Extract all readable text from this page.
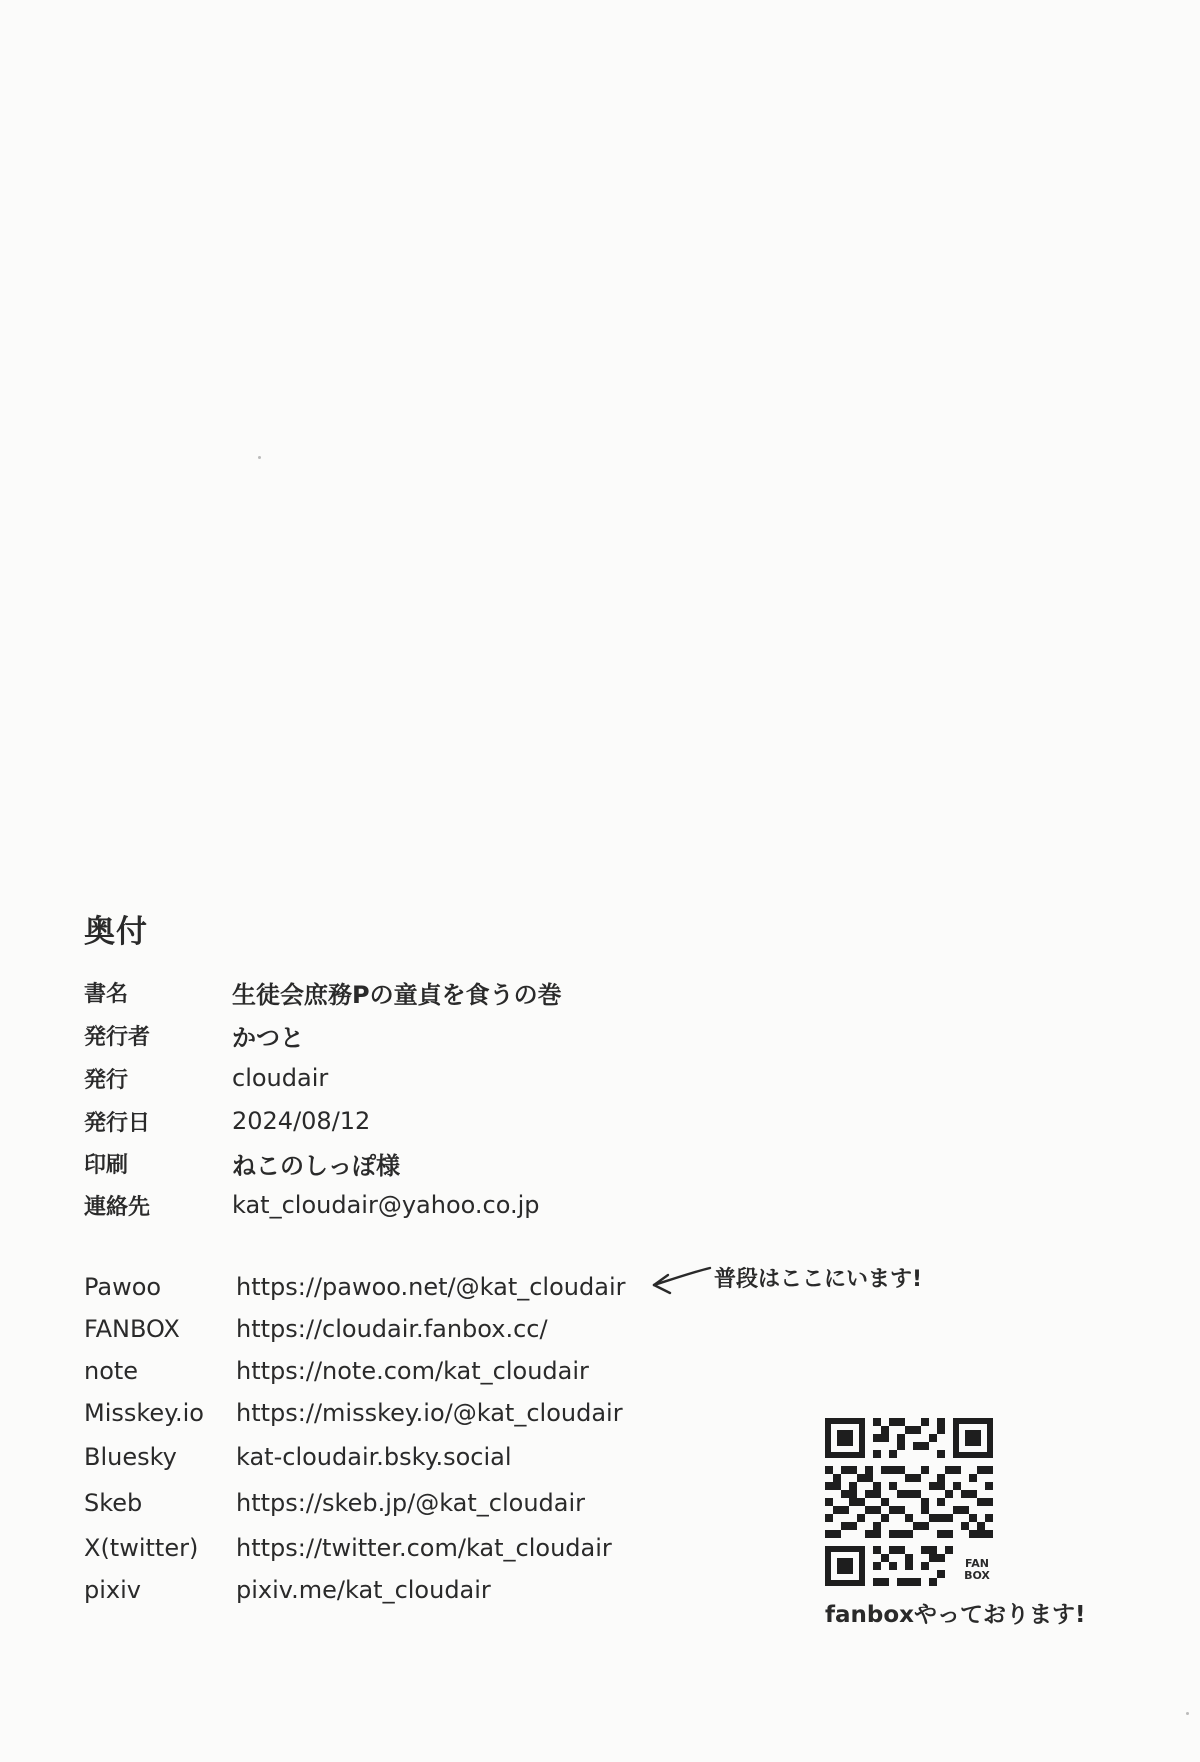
奥付
書名	生徒会庶務Pの童貞を食うの巻
発行者	かつと
発行	cloudair
発行日	2024/08/12
印刷	ねこのしっぽ様
連絡先	kat_cloudair@yahoo.co.jp
Pawoo	https://pawoo.net/@kat_cloudair
FANBOX	https://cloudair.fanbox.cc/
note	https://note.com/kat_cloudair
Misskey.io	https://misskey.io/@kat_cloudair
Bluesky	kat-cloudair.bsky.social
Skeb	https://skeb.jp/@kat_cloudair
X(twitter)	https://twitter.com/kat_cloudair
pixiv	pixiv.me/kat_cloudair
普段はここにいます!
FAN
BOX
fanboxやっております!
